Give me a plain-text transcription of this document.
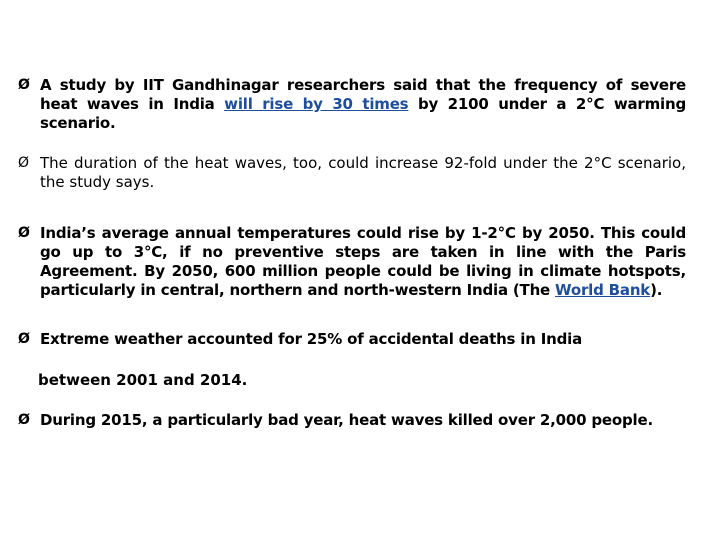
Ø A study by IIT Gandhinagar researchers said that the frequency of severe heat waves in India will rise by 30 times by 2100 under a 2°C warming scenario.
Ø The duration of the heat waves, too, could increase 92-fold under the 2°C scenario, the study says.
Ø India’s average annual temperatures could rise by 1-2°C by 2050. This could go up to 3°C, if no preventive steps are taken in line with the Paris Agreement. By 2050, 600 million people could be living in climate hotspots, particularly in central, northern and north-western India (The World Bank).
Ø Extreme weather accounted for 25% of accidental deaths in India
between 2001 and 2014.
Ø During 2015, a particularly bad year, heat waves killed over 2,000 people.
